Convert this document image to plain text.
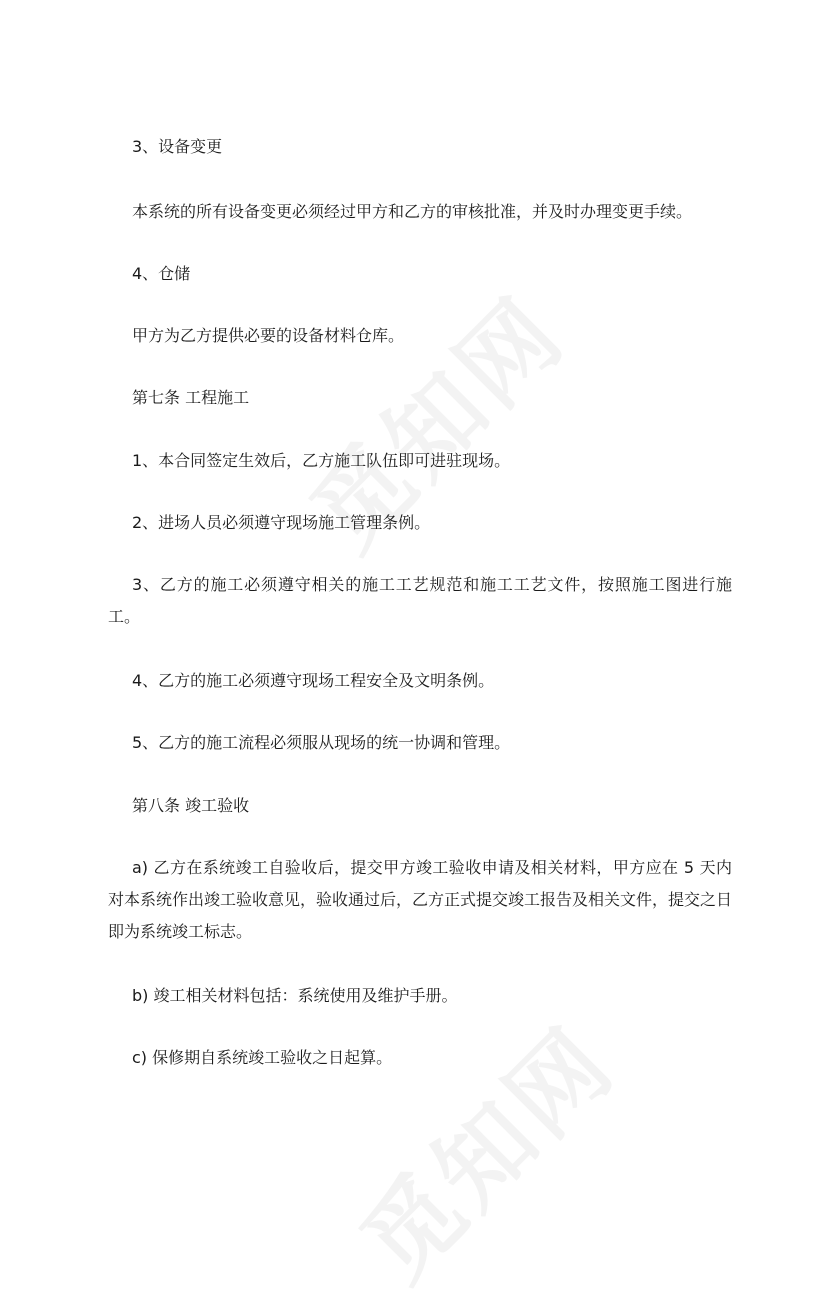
3、设备变更
本系统的所有设备变更必须经过甲方和乙方的审核批准，并及时办理变更手续。
4、仓储
甲方为乙方提供必要的设备材料仓库。
第七条 工程施工
1、本合同签定生效后，乙方施工队伍即可进驻现场。
2、进场人员必须遵守现场施工管理条例。
3、乙方的施工必须遵守相关的施工工艺规范和施工工艺文件，按照施工图进行施工。
4、乙方的施工必须遵守现场工程安全及文明条例。
5、乙方的施工流程必须服从现场的统一协调和管理。
第八条 竣工验收
a) 乙方在系统竣工自验收后，提交甲方竣工验收申请及相关材料，甲方应在 5 天内对本系统作出竣工验收意见，验收通过后，乙方正式提交竣工报告及相关文件，提交之日即为系统竣工标志。
b) 竣工相关材料包括：系统使用及维护手册。
c) 保修期自系统竣工验收之日起算。
